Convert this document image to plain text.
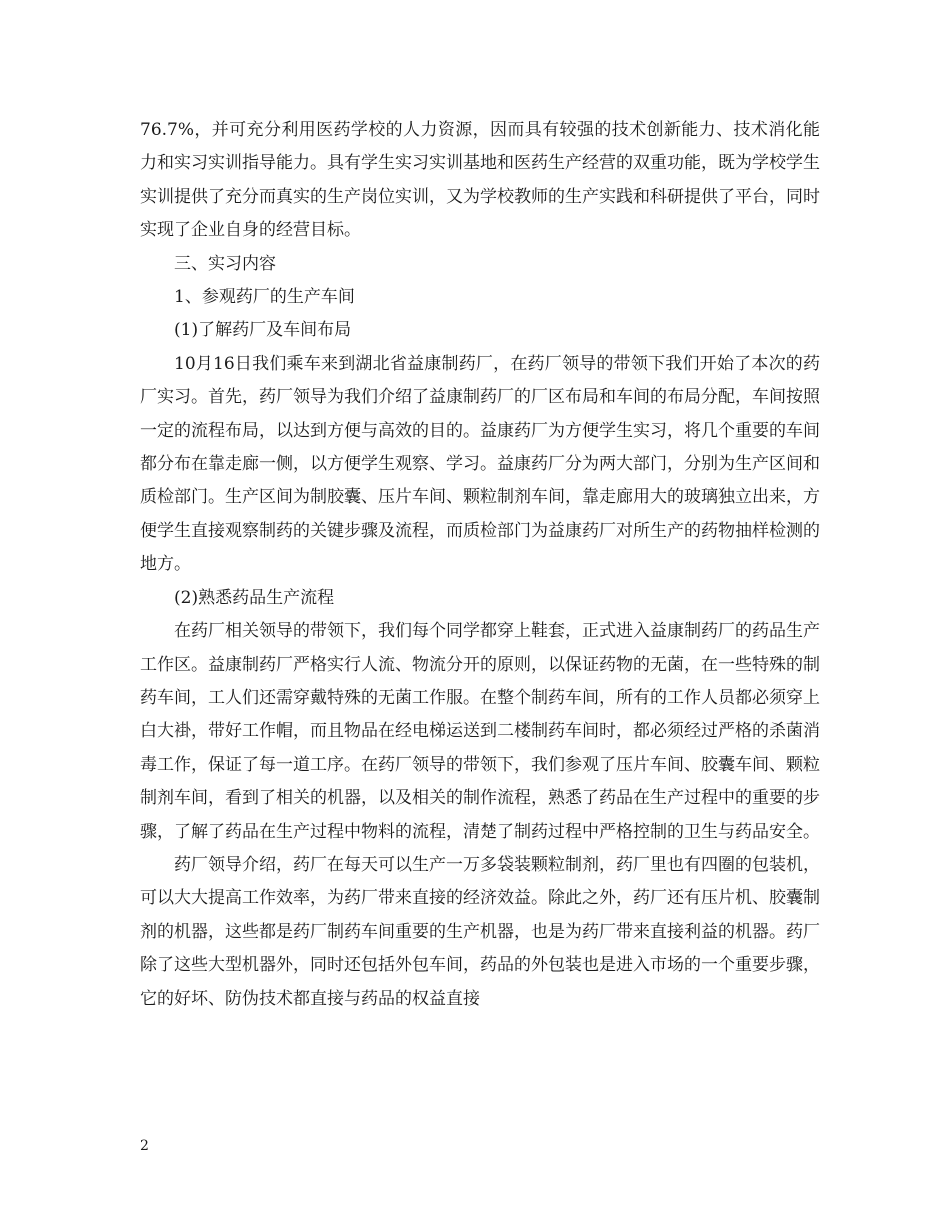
76.7%，并可充分利用医药学校的人力资源，因而具有较强的技术创新能力、技术消化能力和实习实训指导能力。具有学生实习实训基地和医药生产经营的双重功能，既为学校学生实训提供了充分而真实的生产岗位实训，又为学校教师的生产实践和科研提供了平台，同时实现了企业自身的经营目标。

三、实习内容

1、参观药厂的生产车间

(1)了解药厂及车间布局

10月16日我们乘车来到湖北省益康制药厂，在药厂领导的带领下我们开始了本次的药厂实习。首先，药厂领导为我们介绍了益康制药厂的厂区布局和车间的布局分配，车间按照一定的流程布局，以达到方便与高效的目的。益康药厂为方便学生实习，将几个重要的车间都分布在靠走廊一侧，以方便学生观察、学习。益康药厂分为两大部门，分别为生产区间和质检部门。生产区间为制胶囊、压片车间、颗粒制剂车间，靠走廊用大的玻璃独立出来，方便学生直接观察制药的关键步骤及流程，而质检部门为益康药厂对所生产的药物抽样检测的地方。

(2)熟悉药品生产流程

在药厂相关领导的带领下，我们每个同学都穿上鞋套，正式进入益康制药厂的药品生产工作区。益康制药厂严格实行人流、物流分开的原则，以保证药物的无菌，在一些特殊的制药车间，工人们还需穿戴特殊的无菌工作服。在整个制药车间，所有的工作人员都必须穿上白大褂，带好工作帽，而且物品在经电梯运送到二楼制药车间时，都必须经过严格的杀菌消毒工作，保证了每一道工序。在药厂领导的带领下，我们参观了压片车间、胶囊车间、颗粒制剂车间，看到了相关的机器，以及相关的制作流程，熟悉了药品在生产过程中的重要的步骤，了解了药品在生产过程中物料的流程，清楚了制药过程中严格控制的卫生与药品安全。

药厂领导介绍，药厂在每天可以生产一万多袋装颗粒制剂，药厂里也有四圈的包装机，可以大大提高工作效率，为药厂带来直接的经济效益。除此之外，药厂还有压片机、胶囊制剂的机器，这些都是药厂制药车间重要的生产机器，也是为药厂带来直接利益的机器。药厂除了这些大型机器外，同时还包括外包车间，药品的外包装也是进入市场的一个重要步骤，它的好坏、防伪技术都直接与药品的权益直接

2
